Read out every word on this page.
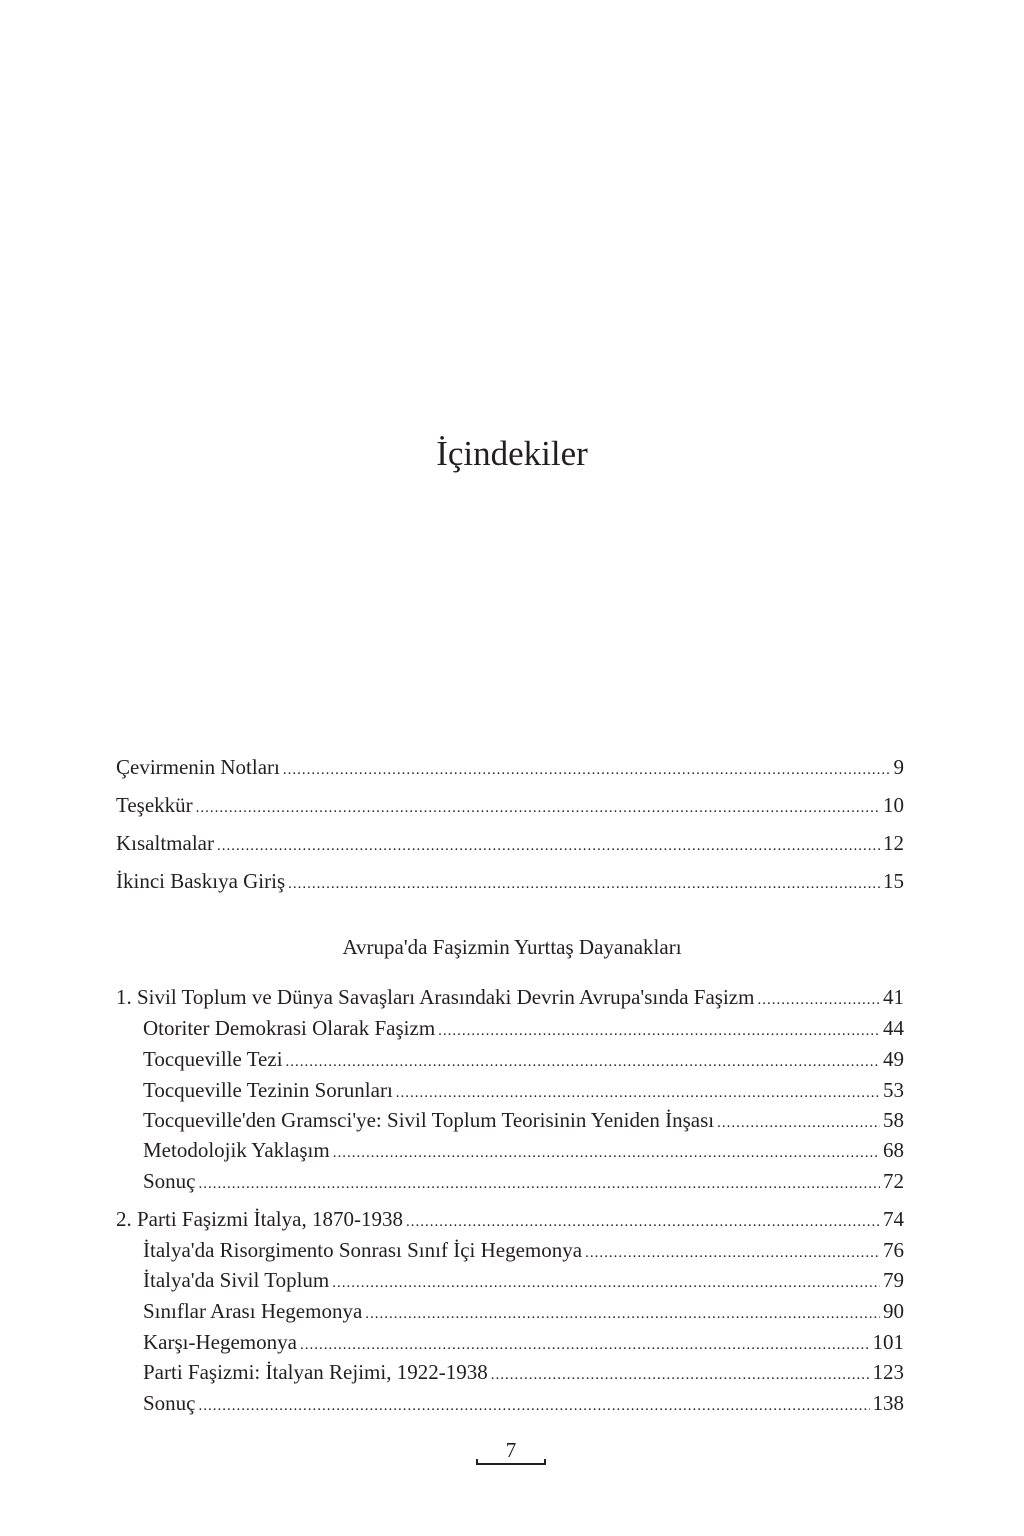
İçindekiler
Çevirmenin Notları .....	9
Teşekkür .....	10
Kısaltmalar .....	12
İkinci Baskıya Giriş .....	15
1. Sivil Toplum ve Dünya Savaşları Arasındaki Devrin Avrupa'sında Faşizm .....	41
Otoriter Demokrasi Olarak Faşizm .....	44
Tocqueville Tezi .....	49
Tocqueville Tezinin Sorunları .....	53
Tocqueville'den Gramsci'ye: Sivil Toplum Teorisinin Yeniden İnşası .....	58
Metodolojik Yaklaşım .....	68
Sonuç .....	72
2. Parti Faşizmi İtalya, 1870-1938 .....	74
İtalya'da Risorgimento Sonrası Sınıf İçi Hegemonya .....	76
İtalya'da Sivil Toplum .....	79
Sınıflar Arası Hegemonya .....	90
Karşı-Hegemonya .....	101
Parti Faşizmi: İtalyan Rejimi, 1922-1938 .....	123
Sonuç .....	138
Avrupa'da Faşizmin Yurttaş Dayanakları
7
